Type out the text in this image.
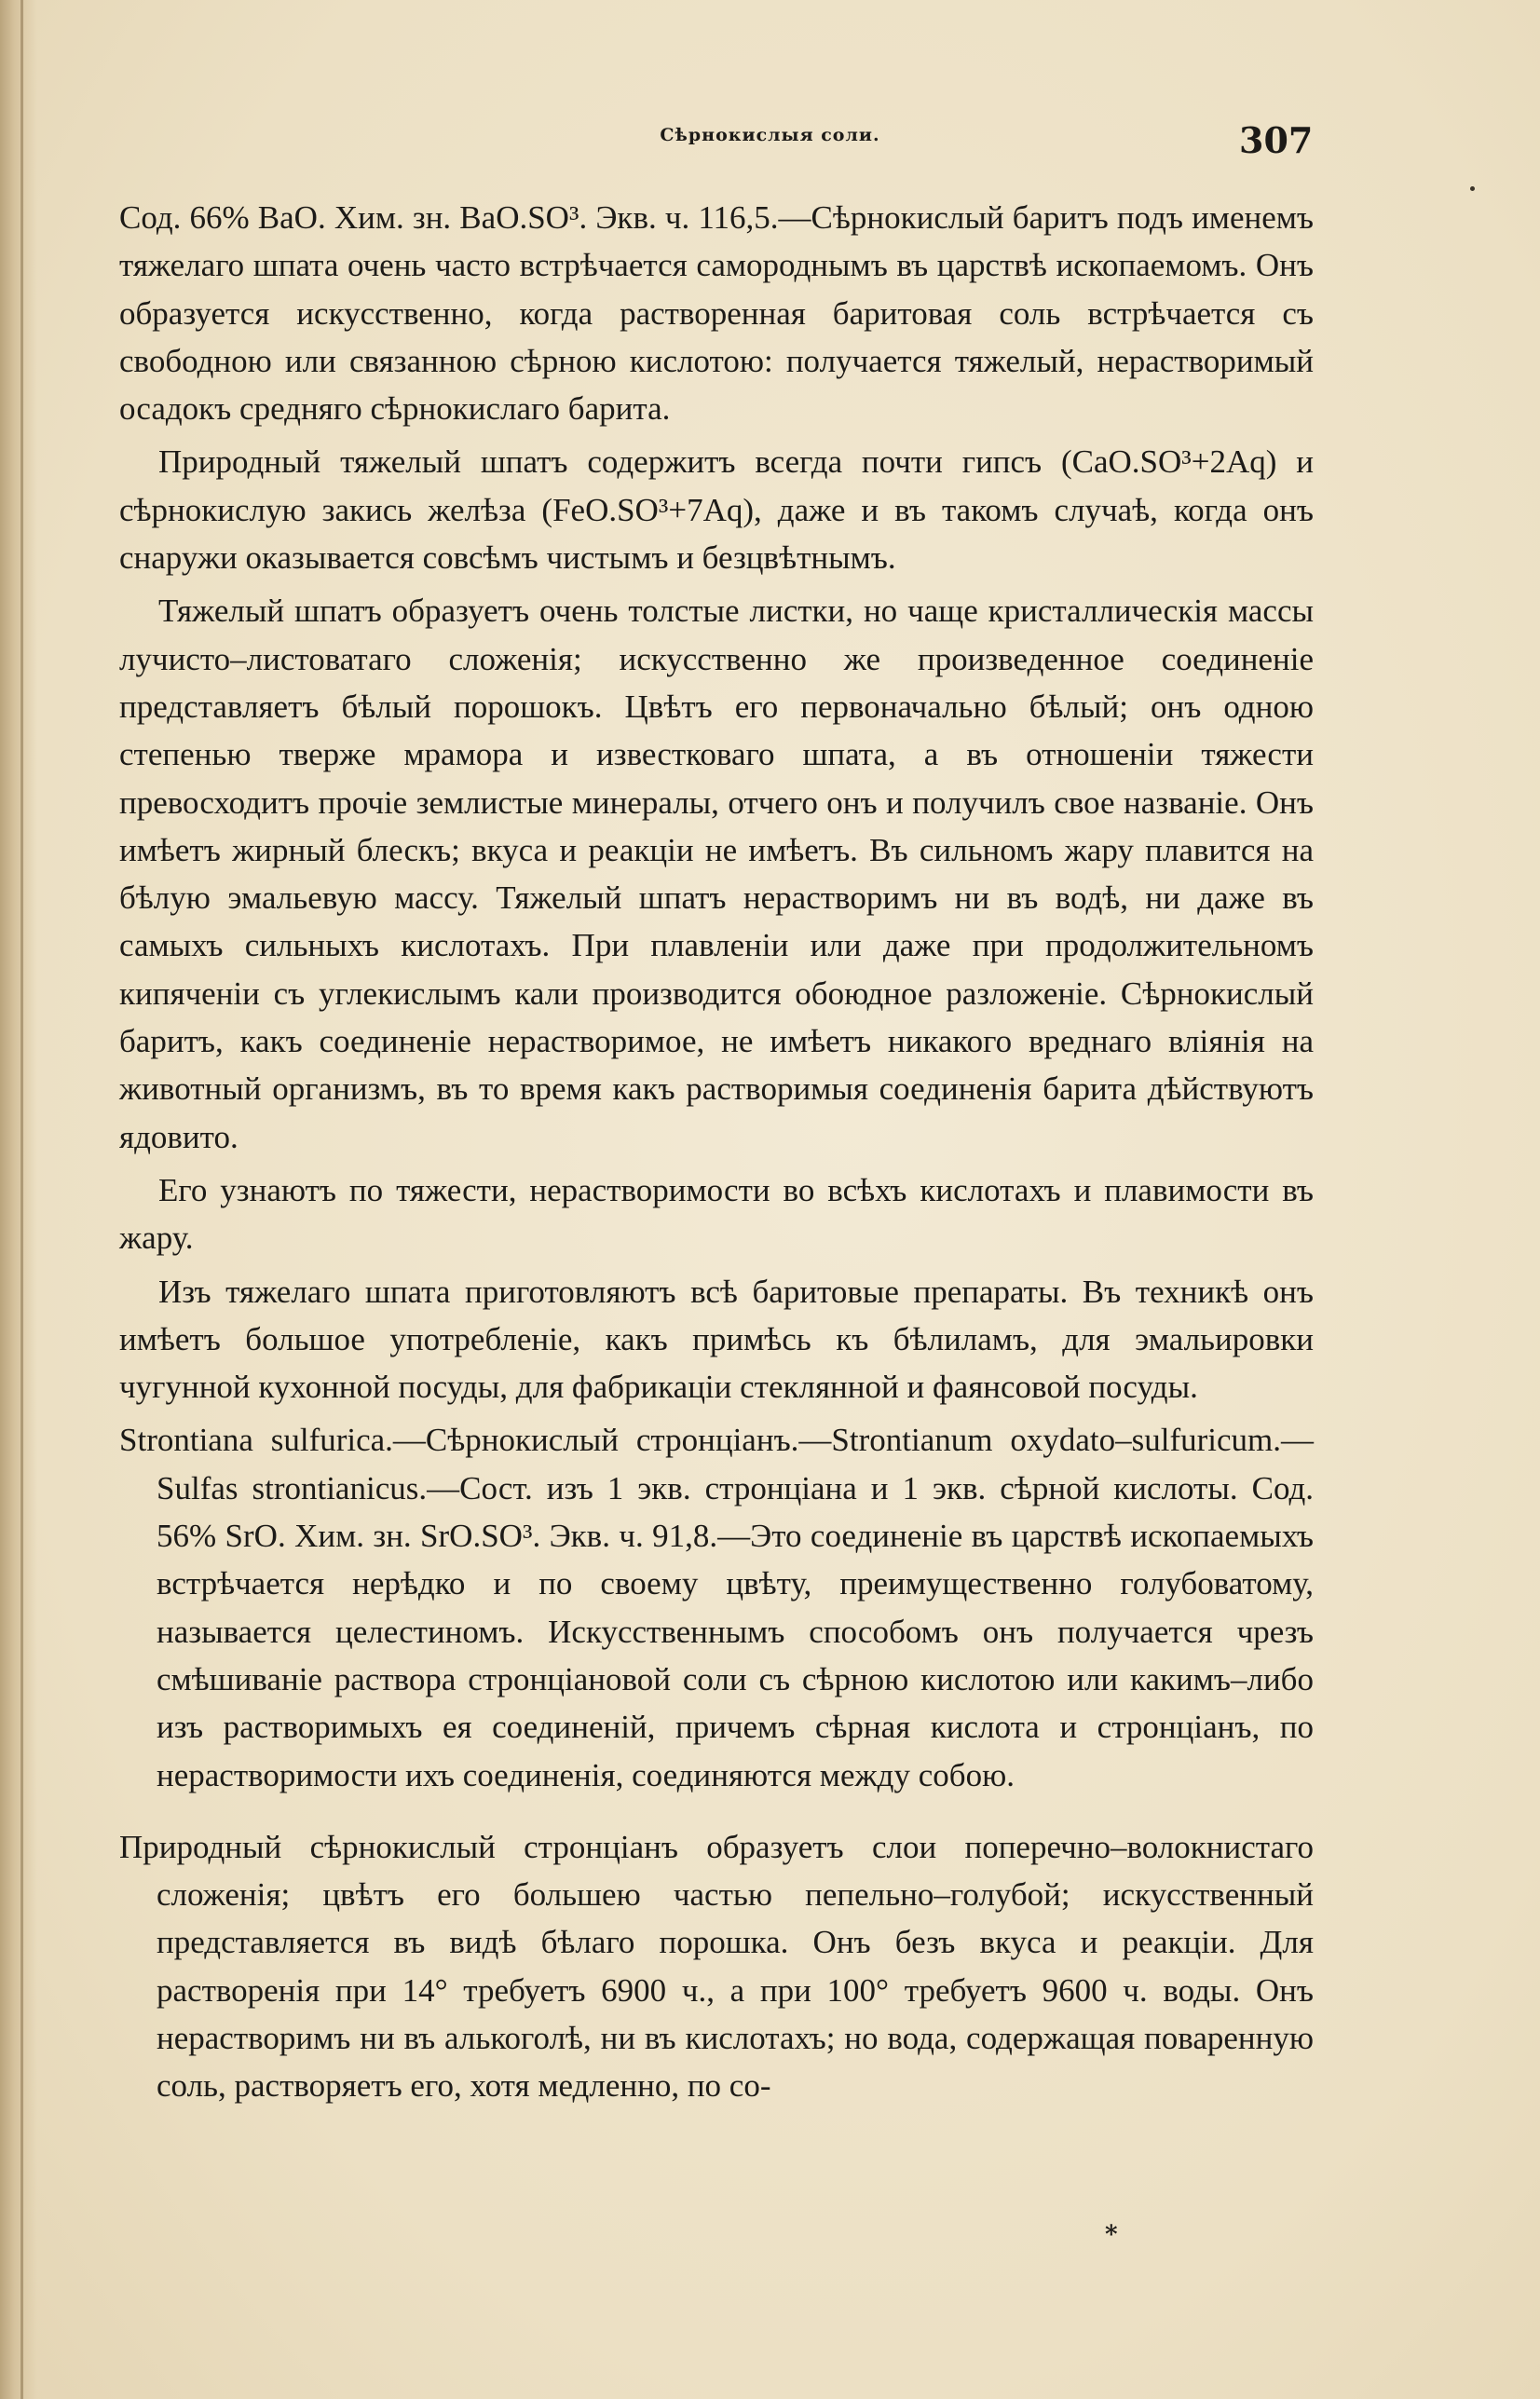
Сѣрнокислыя соли.	307

Сод. 66% BaO. Хим. зн. BaO.SO³. Экв. ч. 116,5.—Сѣрнокислый баритъ подъ именемъ тяжелаго шпата очень часто встрѣчается самороднымъ въ царствѣ ископаемомъ. Онъ образуется искусственно, когда растворенная баритовая соль встрѣчается съ свободною или связанною сѣрною кислотою: получается тяжелый, нерастворимый осадокъ средняго сѣрнокислаго барита.

Природный тяжелый шпатъ содержитъ всегда почти гипсъ (CaO.SO³+2Aq) и сѣрнокислую закись желѣза (FeO.SO³+7Aq), даже и въ такомъ случаѣ, когда онъ снаружи оказывается совсѣмъ чистымъ и безцвѣтнымъ.

Тяжелый шпатъ образуетъ очень толстые листки, но чаще кристаллическія массы лучисто–листоватаго сложенія; искусственно же произведенное соединеніе представляетъ бѣлый порошокъ. Цвѣтъ его первоначально бѣлый; онъ одною степенью тверже мрамора и известковаго шпата, а въ отношеніи тяжести превосходитъ прочіе землистые минералы, отчего онъ и получилъ свое названіе. Онъ имѣетъ жирный блескъ; вкуса и реакціи не имѣетъ. Въ сильномъ жару плавится на бѣлую эмальевую массу. Тяжелый шпатъ нерастворимъ ни въ водѣ, ни даже въ самыхъ сильныхъ кислотахъ. При плавленіи или даже при продолжительномъ кипяченіи съ углекислымъ кали производится обоюдное разложеніе. Сѣрнокислый баритъ, какъ соединеніе нерастворимое, не имѣетъ никакого вреднаго вліянія на животный организмъ, въ то время какъ растворимыя соединенія барита дѣйствуютъ ядовито.

Его узнаютъ по тяжести, нерастворимости во всѣхъ кислотахъ и плавимости въ жару.

Изъ тяжелаго шпата приготовляютъ всѣ баритовые препараты. Въ техникѣ онъ имѣетъ большое употребленіе, какъ примѣсь къ бѣлиламъ, для эмальировки чугунной кухонной посуды, для фабрикаціи стеклянной и фаянсовой посуды.

Strontiana sulfurica.—Сѣрнокислый стронціанъ.—Strontianum oxydato–sulfuricum.—Sulfas strontianicus.—Сост. изъ 1 экв. стронціана и 1 экв. сѣрной кислоты. Сод. 56% SrO. Хим. зн. SrO.SO³. Экв. ч. 91,8.—Это соединеніе въ царствѣ ископаемыхъ встрѣчается нерѣдко и по своему цвѣту, преимущественно голубоватому, называется целестиномъ. Искусственнымъ способомъ онъ получается чрезъ смѣшиваніе раствора стронціановой соли съ сѣрною кислотою или какимъ–либо изъ растворимыхъ ея соединеній, причемъ сѣрная кислота и стронціанъ, по нерастворимости ихъ соединенія, соединяются между собою.

Природный сѣрнокислый стронціанъ образуетъ слои поперечно–волокнистаго сложенія; цвѣтъ его большею частью пепельно–голубой; искусственный представляется въ видѣ бѣлаго порошка. Онъ безъ вкуса и реакціи. Для растворенія при 14° требуетъ 6900 ч., а при 100° требуетъ 9600 ч. воды. Онъ нерастворимъ ни въ алькоголѣ, ни въ кислотахъ; но вода, содержащая поваренную соль, растворяетъ его, хотя медленно, по со-

*
